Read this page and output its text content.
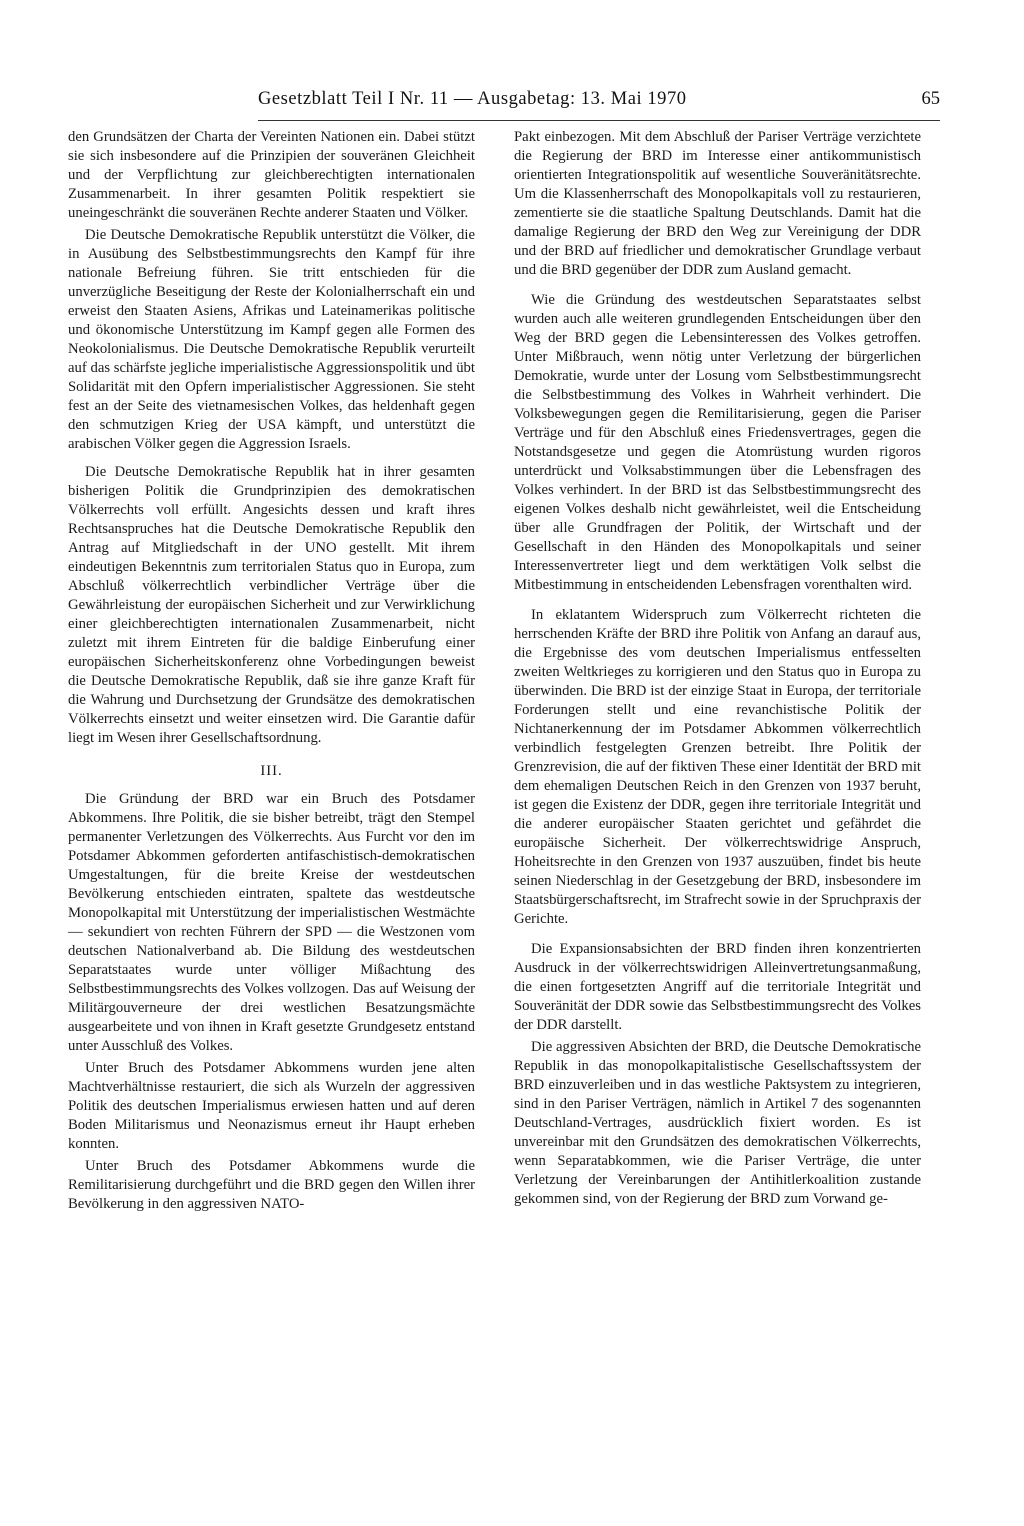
Gesetzblatt Teil I Nr. 11 — Ausgabetag: 13. Mai 1970	65

den Grundsätzen der Charta der Vereinten Nationen ein. Dabei stützt sie sich insbesondere auf die Prinzipien der souveränen Gleichheit und der Verpflichtung zur gleichberechtigten internationalen Zusammenarbeit. In ihrer gesamten Politik respektiert sie uneingeschränkt die souveränen Rechte anderer Staaten und Völker.

Die Deutsche Demokratische Republik unterstützt die Völker, die in Ausübung des Selbstbestimmungsrechts den Kampf für ihre nationale Befreiung führen. Sie tritt entschieden für die unverzügliche Beseitigung der Reste der Kolonialherrschaft ein und erweist den Staaten Asiens, Afrikas und Lateinamerikas politische und ökonomische Unterstützung im Kampf gegen alle Formen des Neokolonialismus. Die Deutsche Demokratische Republik verurteilt auf das schärfste jegliche imperialistische Aggressionspolitik und übt Solidarität mit den Opfern imperialistischer Aggressionen. Sie steht fest an der Seite des vietnamesischen Volkes, das heldenhaft gegen den schmutzigen Krieg der USA kämpft, und unterstützt die arabischen Völker gegen die Aggression Israels.

Die Deutsche Demokratische Republik hat in ihrer gesamten bisherigen Politik die Grundprinzipien des demokratischen Völkerrechts voll erfüllt. Angesichts dessen und kraft ihres Rechtsanspruches hat die Deutsche Demokratische Republik den Antrag auf Mitgliedschaft in der UNO gestellt. Mit ihrem eindeutigen Bekenntnis zum territorialen Status quo in Europa, zum Abschluß völkerrechtlich verbindlicher Verträge über die Gewährleistung der europäischen Sicherheit und zur Verwirklichung einer gleichberechtigten internationalen Zusammenarbeit, nicht zuletzt mit ihrem Eintreten für die baldige Einberufung einer europäischen Sicherheitskonferenz ohne Vorbedingungen beweist die Deutsche Demokratische Republik, daß sie ihre ganze Kraft für die Wahrung und Durchsetzung der Grundsätze des demokratischen Völkerrechts einsetzt und weiter einsetzen wird. Die Garantie dafür liegt im Wesen ihrer Gesellschaftsordnung.

III.

Die Gründung der BRD war ein Bruch des Potsdamer Abkommens. Ihre Politik, die sie bisher betreibt, trägt den Stempel permanenter Verletzungen des Völkerrechts. Aus Furcht vor den im Potsdamer Abkommen geforderten antifaschistisch-demokratischen Umgestaltungen, für die breite Kreise der westdeutschen Bevölkerung entschieden eintraten, spaltete das westdeutsche Monopolkapital mit Unterstützung der imperialistischen Westmächte — sekundiert von rechten Führern der SPD — die Westzonen vom deutschen Nationalverband ab. Die Bildung des westdeutschen Separatstaates wurde unter völliger Mißachtung des Selbstbestimmungsrechts des Volkes vollzogen. Das auf Weisung der Militärgouverneure der drei westlichen Besatzungsmächte ausgearbeitete und von ihnen in Kraft gesetzte Grundgesetz entstand unter Ausschluß des Volkes.

Unter Bruch des Potsdamer Abkommens wurden jene alten Machtverhältnisse restauriert, die sich als Wurzeln der aggressiven Politik des deutschen Imperialismus erwiesen hatten und auf deren Boden Militarismus und Neonazismus erneut ihr Haupt erheben konnten.

Unter Bruch des Potsdamer Abkommens wurde die Remilitarisierung durchgeführt und die BRD gegen den Willen ihrer Bevölkerung in den aggressiven NATO-

Pakt einbezogen. Mit dem Abschluß der Pariser Verträge verzichtete die Regierung der BRD im Interesse einer antikommunistisch orientierten Integrationspolitik auf wesentliche Souveränitätsrechte. Um die Klassenherrschaft des Monopolkapitals voll zu restaurieren, zementierte sie die staatliche Spaltung Deutschlands. Damit hat die damalige Regierung der BRD den Weg zur Vereinigung der DDR und der BRD auf friedlicher und demokratischer Grundlage verbaut und die BRD gegenüber der DDR zum Ausland gemacht.

Wie die Gründung des westdeutschen Separatstaates selbst wurden auch alle weiteren grundlegenden Entscheidungen über den Weg der BRD gegen die Lebensinteressen des Volkes getroffen. Unter Mißbrauch, wenn nötig unter Verletzung der bürgerlichen Demokratie, wurde unter der Losung vom Selbstbestimmungsrecht die Selbstbestimmung des Volkes in Wahrheit verhindert. Die Volksbewegungen gegen die Remilitarisierung, gegen die Pariser Verträge und für den Abschluß eines Friedensvertrages, gegen die Notstandsgesetze und gegen die Atomrüstung wurden rigoros unterdrückt und Volksabstimmungen über die Lebensfragen des Volkes verhindert. In der BRD ist das Selbstbestimmungsrecht des eigenen Volkes deshalb nicht gewährleistet, weil die Entscheidung über alle Grundfragen der Politik, der Wirtschaft und der Gesellschaft in den Händen des Monopolkapitals und seiner Interessenvertreter liegt und dem werktätigen Volk selbst die Mitbestimmung in entscheidenden Lebensfragen vorenthalten wird.

In eklatantem Widerspruch zum Völkerrecht richteten die herrschenden Kräfte der BRD ihre Politik von Anfang an darauf aus, die Ergebnisse des vom deutschen Imperialismus entfesselten zweiten Weltkrieges zu korrigieren und den Status quo in Europa zu überwinden. Die BRD ist der einzige Staat in Europa, der territoriale Forderungen stellt und eine revanchistische Politik der Nichtanerkennung der im Potsdamer Abkommen völkerrechtlich verbindlich festgelegten Grenzen betreibt. Ihre Politik der Grenzrevision, die auf der fiktiven These einer Identität der BRD mit dem ehemaligen Deutschen Reich in den Grenzen von 1937 beruht, ist gegen die Existenz der DDR, gegen ihre territoriale Integrität und die anderer europäischer Staaten gerichtet und gefährdet die europäische Sicherheit. Der völkerrechtswidrige Anspruch, Hoheitsrechte in den Grenzen von 1937 auszuüben, findet bis heute seinen Niederschlag in der Gesetzgebung der BRD, insbesondere im Staatsbürgerschaftsrecht, im Strafrecht sowie in der Spruchpraxis der Gerichte.

Die Expansionsabsichten der BRD finden ihren konzentrierten Ausdruck in der völkerrechtswidrigen Alleinvertretungsanmaßung, die einen fortgesetzten Angriff auf die territoriale Integrität und Souveränität der DDR sowie das Selbstbestimmungsrecht des Volkes der DDR darstellt.

Die aggressiven Absichten der BRD, die Deutsche Demokratische Republik in das monopolkapitalistische Gesellschaftssystem der BRD einzuverleiben und in das westliche Paktsystem zu integrieren, sind in den Pariser Verträgen, nämlich in Artikel 7 des sogenannten Deutschland-Vertrages, ausdrücklich fixiert worden. Es ist unvereinbar mit den Grundsätzen des demokratischen Völkerrechts, wenn Separatabkommen, wie die Pariser Verträge, die unter Verletzung der Vereinbarungen der Antihitlerkoalition zustande gekommen sind, von der Regierung der BRD zum Vorwand ge-
